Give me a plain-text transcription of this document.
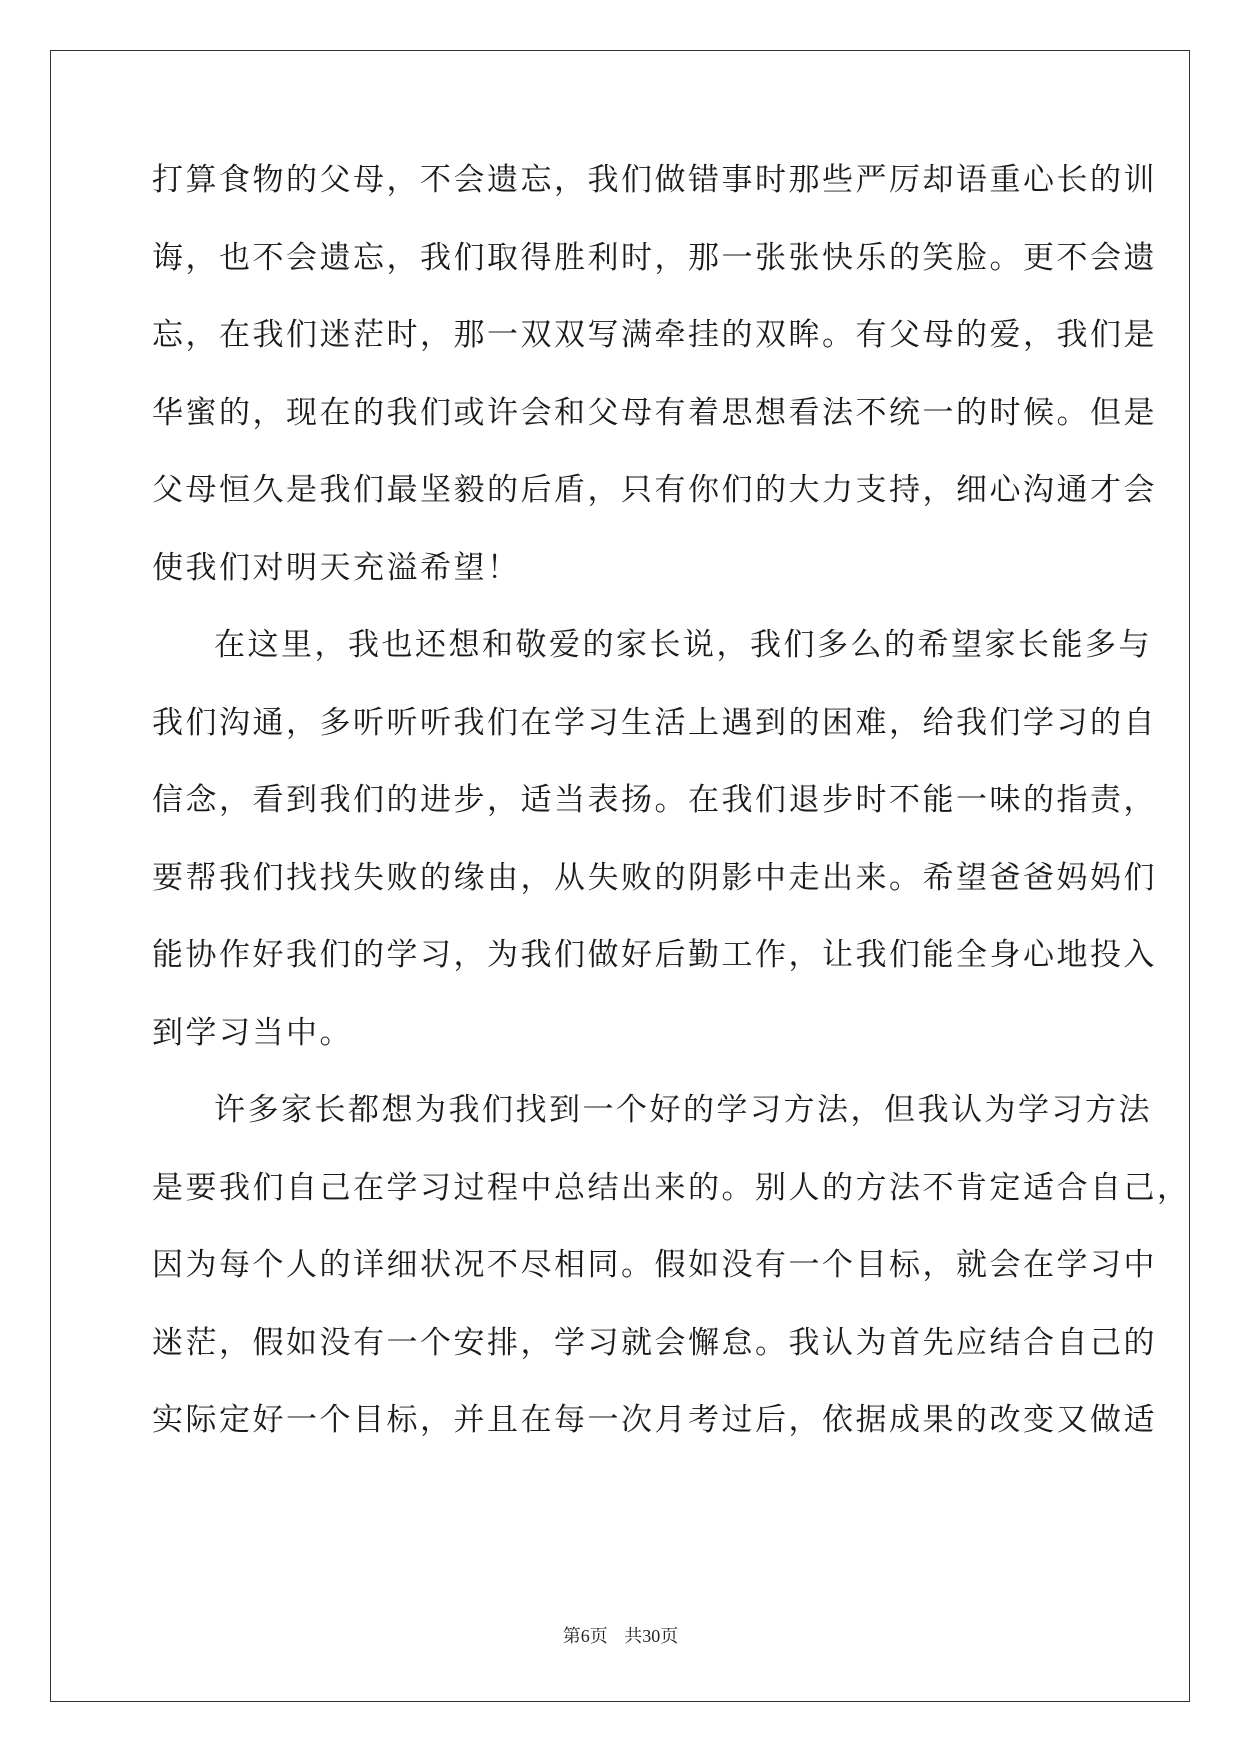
打算食物的父母，不会遗忘，我们做错事时那些严厉却语重心长的训
诲，也不会遗忘，我们取得胜利时，那一张张快乐的笑脸。更不会遗
忘，在我们迷茫时，那一双双写满牵挂的双眸。有父母的爱，我们是
华蜜的，现在的我们或许会和父母有着思想看法不统一的时候。但是
父母恒久是我们最坚毅的后盾，只有你们的大力支持，细心沟通才会
使我们对明天充溢希望！
在这里，我也还想和敬爱的家长说，我们多么的希望家长能多与
我们沟通，多听听听我们在学习生活上遇到的困难，给我们学习的自
信念，看到我们的进步，适当表扬。在我们退步时不能一味的指责，
要帮我们找找失败的缘由，从失败的阴影中走出来。希望爸爸妈妈们
能协作好我们的学习，为我们做好后勤工作，让我们能全身心地投入
到学习当中。
许多家长都想为我们找到一个好的学习方法，但我认为学习方法
是要我们自己在学习过程中总结出来的。别人的方法不肯定适合自己，
因为每个人的详细状况不尽相同。假如没有一个目标，就会在学习中
迷茫，假如没有一个安排，学习就会懈怠。我认为首先应结合自己的
实际定好一个目标，并且在每一次月考过后，依据成果的改变又做适
第6页 共30页
